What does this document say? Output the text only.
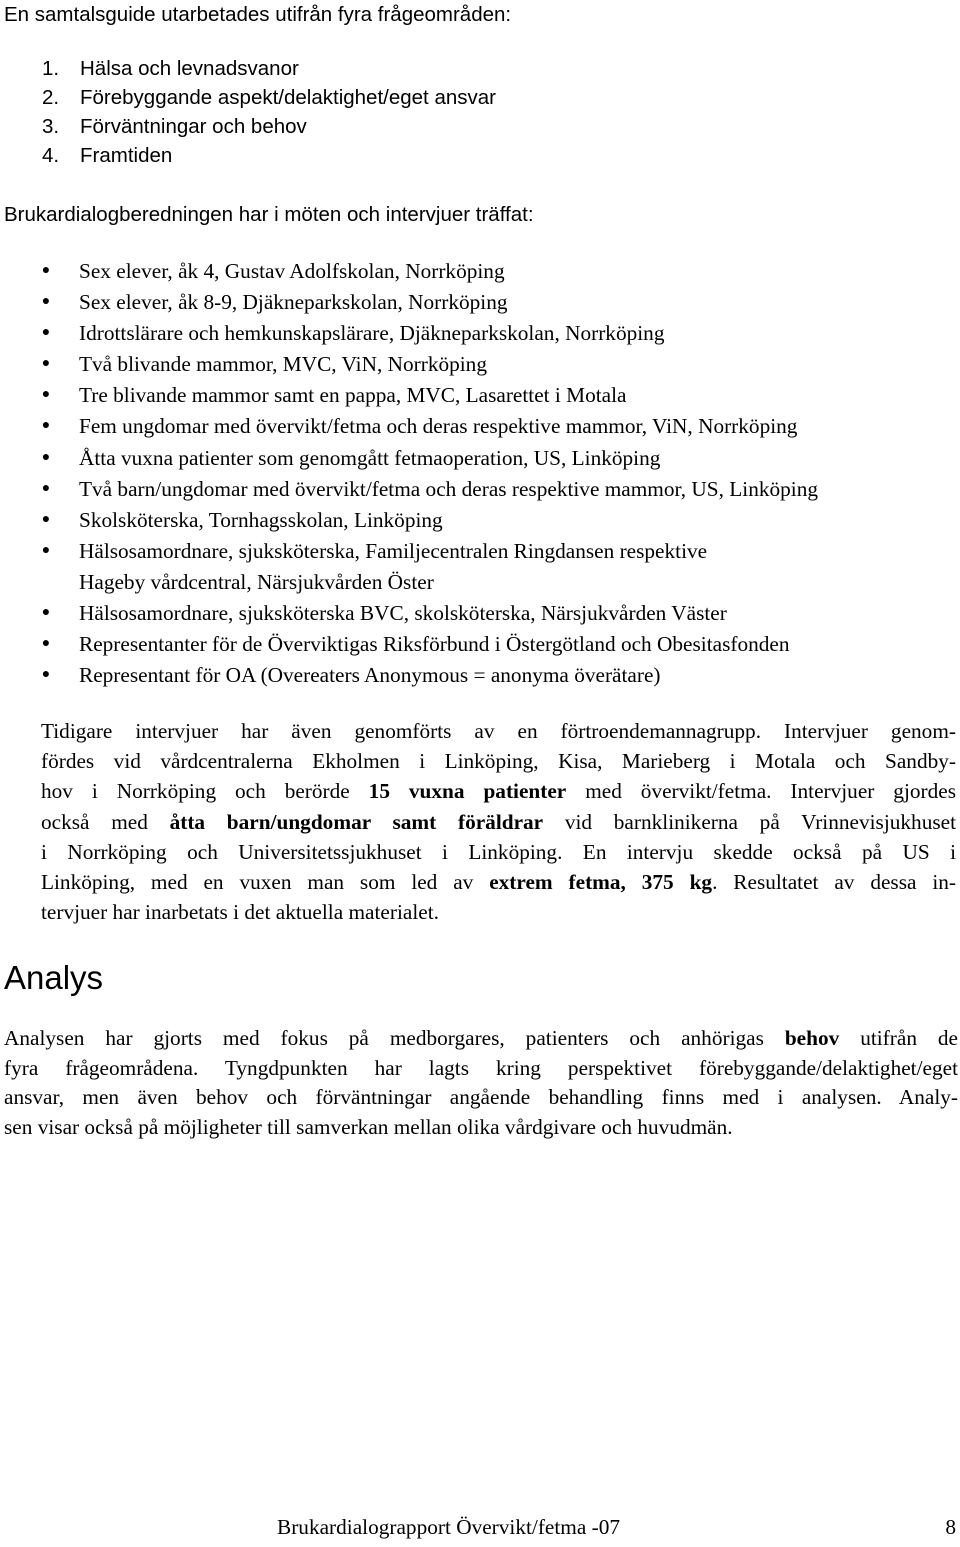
En samtalsguide utarbetades utifrån fyra frågeområden:
1. Hälsa och levnadsvanor
2. Förebyggande aspekt/delaktighet/eget ansvar
3. Förväntningar och behov
4. Framtiden
Brukardialogberedningen har i möten och intervjuer träffat:
●
Sex elever, åk 4, Gustav Adolfskolan, Norrköping
●
Sex elever, åk 8-9, Djäkneparkskolan, Norrköping
●
Idrottslärare och hemkunskapslärare, Djäkneparkskolan, Norrköping
●
Två blivande mammor, MVC, ViN, Norrköping
●
Tre blivande mammor samt en pappa, MVC, Lasarettet i Motala
●
Fem ungdomar med övervikt/fetma och deras respektive mammor, ViN, Norrköping
●
Åtta vuxna patienter som genomgått fetmaoperation, US, Linköping
●
Två barn/ungdomar med övervikt/fetma och deras respektive mammor, US, Linköping
●
Skolsköterska, Tornhagsskolan, Linköping
●
Hälsosamordnare, sjuksköterska, Familjecentralen Ringdansen respektive
Hageby vårdcentral, Närsjukvården Öster
●
Hälsosamordnare, sjuksköterska BVC, skolsköterska, Närsjukvården Väster
●
Representanter för de Överviktigas Riksförbund i Östergötland och Obesitasfonden
●
Representant för OA (Overeaters Anonymous = anonyma överätare)
Tidigare intervjuer har även genomförts av en förtroendemannagrupp. Intervjuer genom-
fördes vid vårdcentralerna Ekholmen i Linköping, Kisa, Marieberg i Motala och Sandby-
hov i Norrköping och berörde 15 vuxna patienter med övervikt/fetma. Intervjuer gjordes
också med åtta barn/ungdomar samt föräldrar vid barnklinikerna på Vrinnevisjukhuset
i Norrköping och Universitetssjukhuset i Linköping. En intervju skedde också på US i
Linköping, med en vuxen man som led av extrem fetma, 375 kg. Resultatet av dessa in-
tervjuer har inarbetats i det aktuella materialet.
Analys
Analysen har gjorts med fokus på medborgares, patienters och anhörigas behov utifrån de
fyra frågeområdena. Tyngdpunkten har lagts kring perspektivet förebyggande/delaktighet/eget
ansvar, men även behov och förväntningar angående behandling finns med i analysen. Analy-
sen visar också på möjligheter till samverkan mellan olika vårdgivare och huvudmän.
Brukardialograpport Övervikt/fetma -07	8
